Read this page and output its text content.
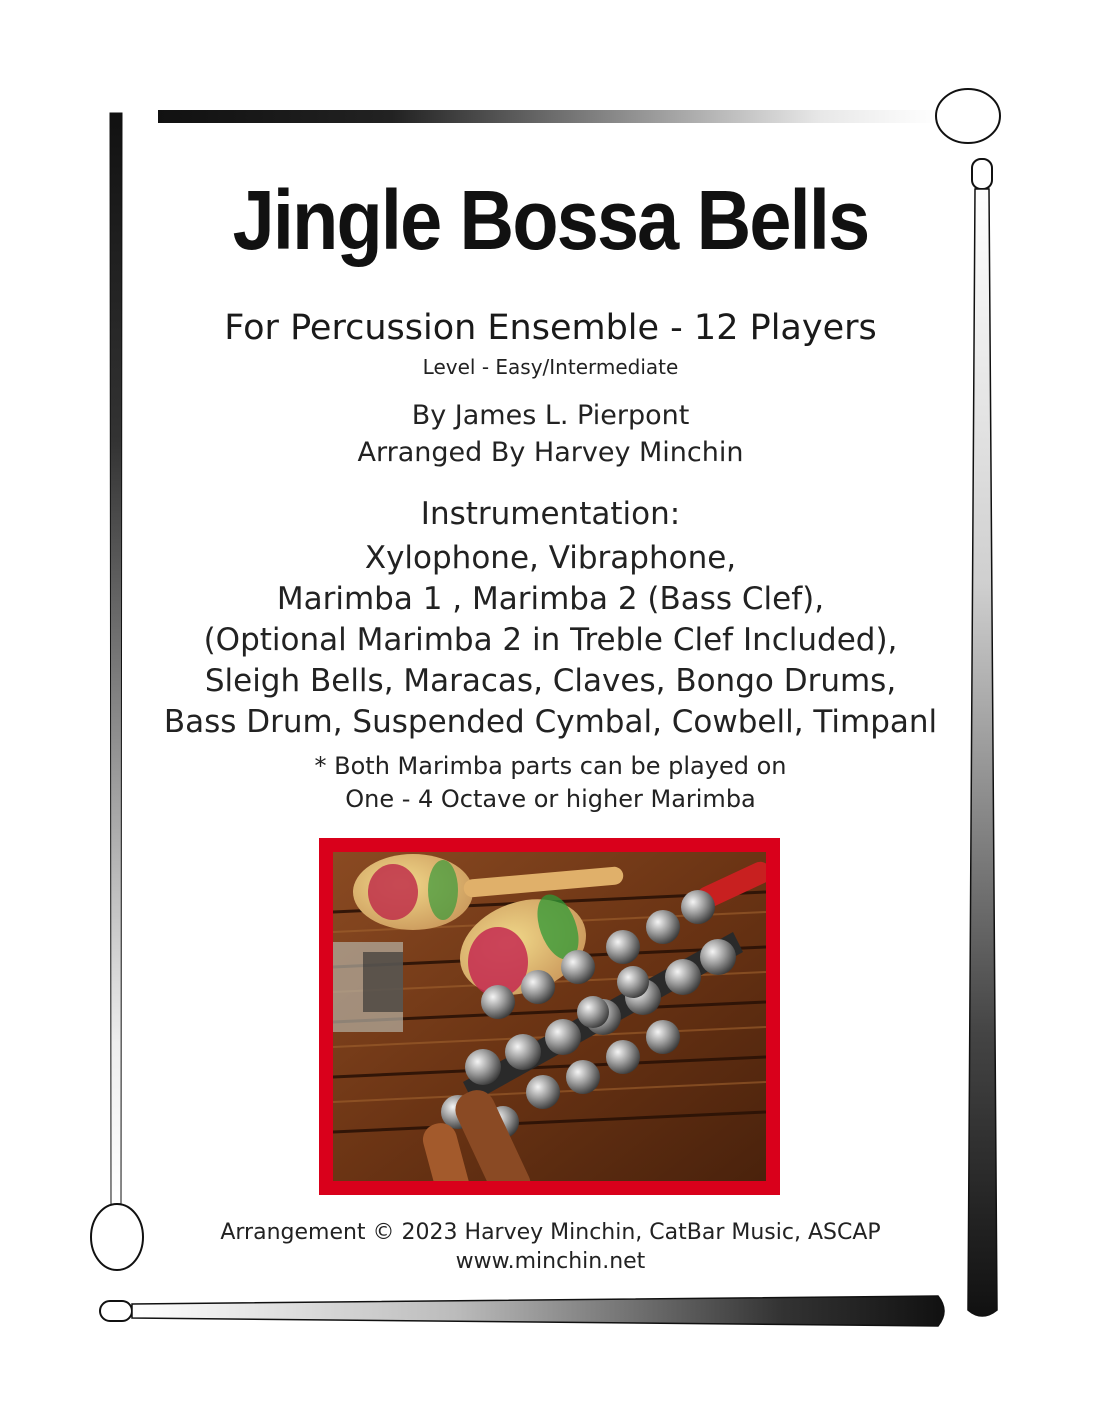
Jingle Bossa Bells
For Percussion Ensemble - 12 Players
Level - Easy/Intermediate
By James L. Pierpont
Arranged By Harvey Minchin
Instrumentation:
Xylophone, Vibraphone,
Marimba 1 , Marimba 2 (Bass Clef),
(Optional Marimba 2 in Treble Clef Included),
Sleigh Bells, Maracas, Claves, Bongo Drums,
Bass Drum, Suspended Cymbal, Cowbell, Timpanl
* Both Marimba parts can be played on
One - 4 Octave or higher Marimba
Arrangement © 2023 Harvey Minchin, CatBar Music, ASCAP
www.minchin.net
